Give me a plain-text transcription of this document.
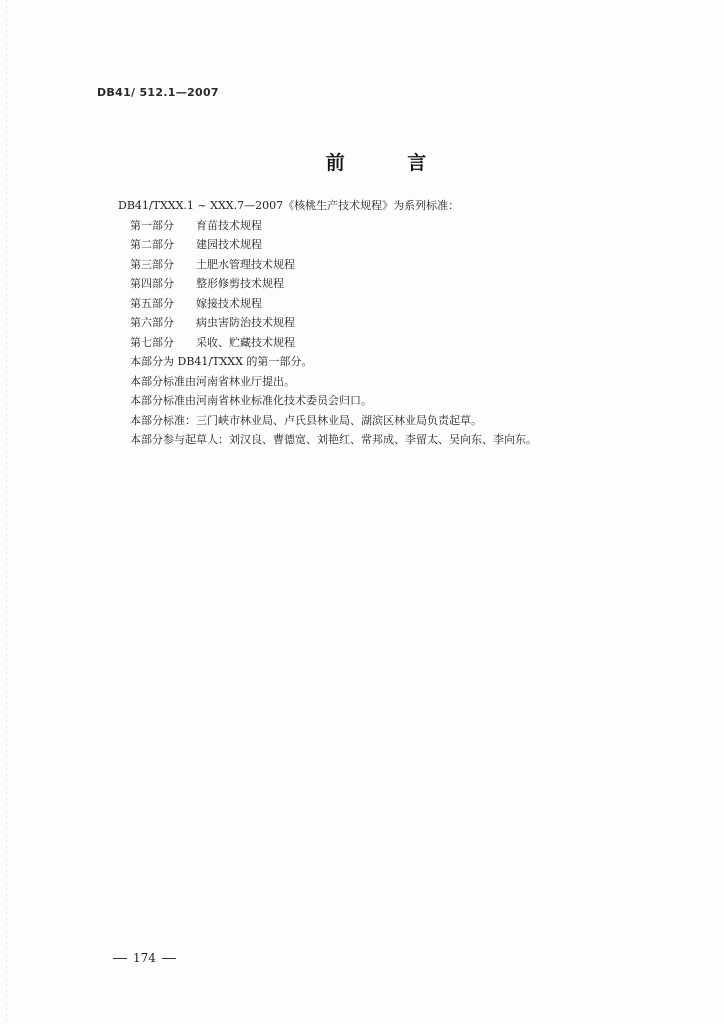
DB41/ 512.1—2007
前 言
DB41/TXXX.1 ~ XXX.7—2007《核桃生产技术规程》为系列标准：
第一部分 育苗技术规程
第二部分 建园技术规程
第三部分 土肥水管理技术规程
第四部分 整形修剪技术规程
第五部分 嫁接技术规程
第六部分 病虫害防治技术规程
第七部分 采收、贮藏技术规程
本部分为 DB41/TXXX 的第一部分。
本部分标准由河南省林业厅提出。
本部分标准由河南省林业标准化技术委员会归口。
本部分标准：三门峡市林业局、卢氏县林业局、湖滨区林业局负责起草。
本部分参与起草人：刘汉良、曹德宽、刘艳红、常邦成、李留太、吴向东、李向东。
174
